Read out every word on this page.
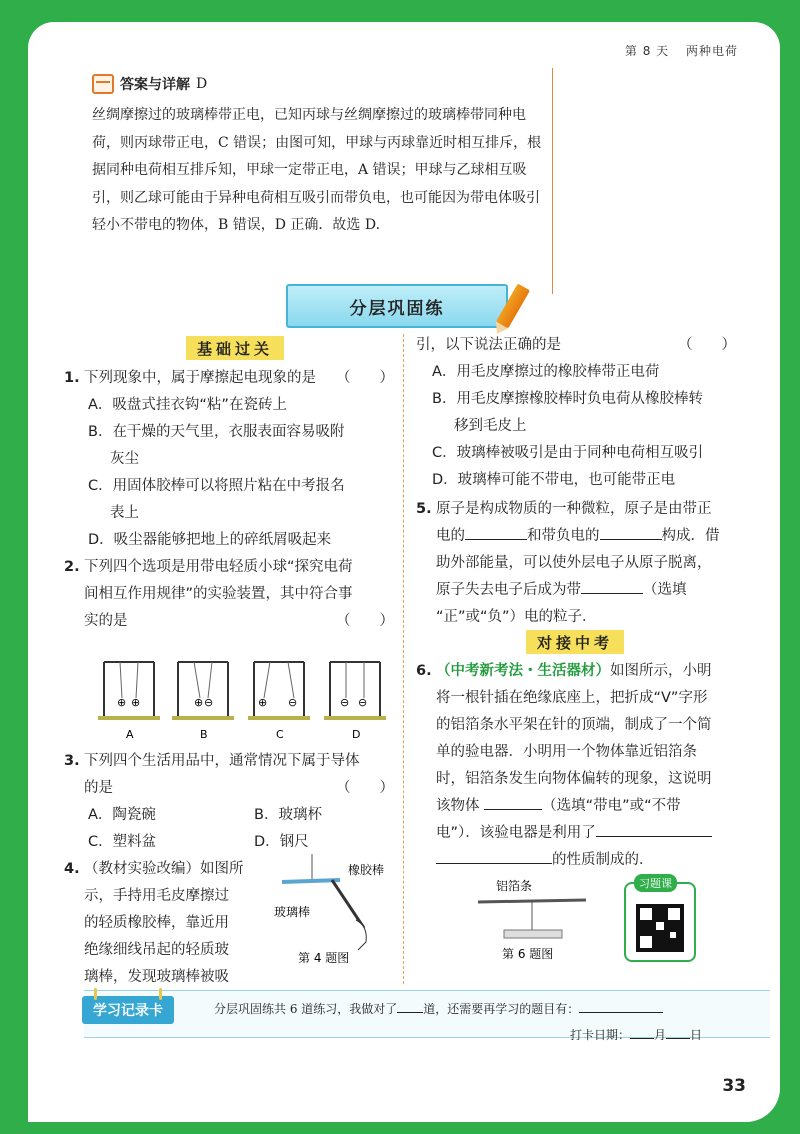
第 8 天 两种电荷
答案与详解 D
丝绸摩擦过的玻璃棒带正电，已知丙球与丝绸摩擦过的玻璃棒带同种电荷，则丙球带正电，C 错误；由图可知，甲球与丙球靠近时相互排斥，根据同种电荷相互排斥知，甲球一定带正电，A 错误；甲球与乙球相互吸引，则乙球可能由于异种电荷相互吸引而带负电，也可能因为带电体吸引轻小不带电的物体，B 错误，D 正确．故选 D.
分层巩固练
基础过关
1. 下列现象中，属于摩擦起电现象的是 （　　）
A．吸盘式挂衣钩“粘”在瓷砖上
B．在干燥的天气里，衣服表面容易吸附
灰尘
C．用固体胶棒可以将照片粘在中考报名
表上
D．吸尘器能够把地上的碎纸屑吸起来
2. 下列四个选项是用带电轻质小球“探究电荷
间相互作用规律”的实验装置，其中符合事
实的是	（　　）
⊕ ⊕	⊕ ⊖	⊕ ⊖	⊖ ⊖
A	B	C	D
3. 下列四个生活用品中，通常情况下属于导体
的是	（　　）
A．陶瓷碗	B．玻璃杯
C．塑料盆	D．钢尺
4. （教材实验改编）如图所
示，手持用毛皮摩擦过
的轻质橡胶棒，靠近用
绝缘细线吊起的轻质玻
璃棒，发现玻璃棒被吸
橡胶棒
玻璃棒
第 4 题图
引，以下说法正确的是	（　　）
A．用毛皮摩擦过的橡胶棒带正电荷
B．用毛皮摩擦橡胶棒时负电荷从橡胶棒转
移到毛皮上
C．玻璃棒被吸引是由于同种电荷相互吸引
D．玻璃棒可能不带电，也可能带正电
5. 原子是构成物质的一种微粒，原子是由带正
电的	和带负电的	构成．借
助外部能量，可以使外层电子从原子脱离，
原子失去电子后成为带	（选填
“正”或“负”）电的粒子．
对接中考
6. （中考新考法・生活器材）如图所示，小明
将一根针插在绝缘底座上，把折成“V”字形
的铝箔条水平架在针的顶端，制成了一个简
单的验电器．小明用一个物体靠近铝箔条
时，铝箔条发生向物体偏转的现象，这说明
该物体	（选填“带电”或“不带
电”）．该验电器是利用了
的性质制成的．
铝箔条
第 6 题图
习题课
学习记录卡	分层巩固练共 6 道练习，我做对了 道，还需要再学习的题目有：
打卡日期： 月 日
33
